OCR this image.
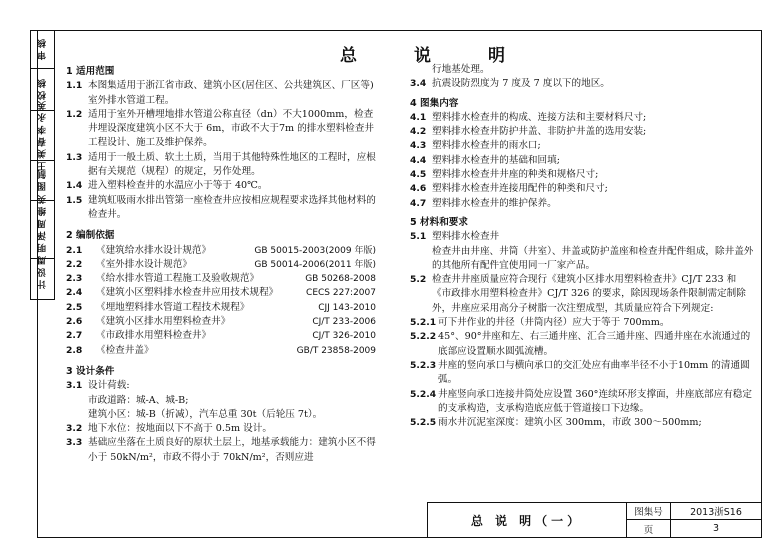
审 核
校 核
王 美 春 李 永 英
图 制
周 明 泽 周 维 英
计 设
总　说　明
1 适用范围
1.1 本图集适用于浙江省市政、建筑小区(居住区、公共建筑区、厂区等)室外排水管道工程。
1.2 适用于室外开槽埋地排水管道公称直径（dn）不大1000mm，检查井埋设深度建筑小区不大于 6m，市政不大于7m 的排水塑料检查井工程设计、施工及维护保养。
1.3 适用于一般土质、软土土质，当用于其他特殊性地区的工程时，应根据有关规范（规程）的规定，另作处理。
1.4 进入塑料检查井的水温应小于等于 40℃。
1.5 建筑虹吸雨水排出管第一座检查井应按相应规程要求选择其他材料的检查井。
2 编制依据
2.1	《建筑给水排水设计规范》	GB 50015-2003(2009 年版)
2.2	《室外排水设计规范》	GB 50014-2006(2011 年版)
2.3	《给水排水管道工程施工及验收规范》	GB 50268-2008
2.4	《建筑小区塑料排水检查井应用技术规程》	CECS 227:2007
2.5	《埋地塑料排水管道工程技术规程》	CJJ 143-2010
2.6	《建筑小区排水用塑料检查井》	CJ/T 233-2006
2.7	《市政排水用塑料检查井》	CJ/T 326-2010
2.8	《检查井盖》	GB/T 23858-2009
3 设计条件
3.1 设计荷载:
市政道路：城-A、城-B;
建筑小区：城-B（折减），汽车总重 30t（后轮压 7t）。
3.2 地下水位：按地面以下不高于 0.5m 设计。
3.3 基础应坐落在土质良好的原状土层上，地基承载能力：建筑小区不得小于 50kN/m²，市政不得小于 70kN/m²，否则应进
行地基处理。
3.4 抗震设防烈度为 7 度及 7 度以下的地区。
4 图集内容
4.1 塑料排水检查井的构成、连接方法和主要材料尺寸;
4.2 塑料排水检查井防护井盖、非防护井盖的选用安装;
4.3 塑料排水检查井的雨水口;
4.4 塑料排水检查井的基础和回填;
4.5 塑料排水检查井井座的种类和规格尺寸;
4.6 塑料排水检查井连接用配件的种类和尺寸;
4.7 塑料排水检查井的维护保养。
5 材料和要求
5.1 塑料排水检查井
检查井由井座、井筒（井室）、井盖或防护盖座和检查井配件组成，除井盖外的其他所有配件宜使用同一厂家产品。
5.2 检查井井座质量应符合现行《建筑小区排水用塑料检查井》CJ/T 233 和《市政排水用塑料检查井》CJ/T 326 的要求，除因现场条件限制需定制除外，井座应采用高分子树脂一次注塑成型，其质量应符合下列规定:
5.2.1 可下井作业的井径（井筒内径）应大于等于 700mm。
5.2.2 45°、90°井座和左、右三通井座、汇合三通井座、四通井座在水流通过的底部应设置顺水圆弧流槽。
5.2.3 井座的竖向承口与横向承口的交汇处应有曲率半径不小于10mm 的清通圆弧。
5.2.4 井座竖向承口连接井筒处应设置 360°连续环形支撑面，井座底部应有稳定的支承构造，支承构造底应低于管道接口下边缘。
5.2.5 雨水井沉泥室深度：建筑小区 300mm，市政 300～500mm;
总 说 明（一）
图集号	2013浙S16
页	3
